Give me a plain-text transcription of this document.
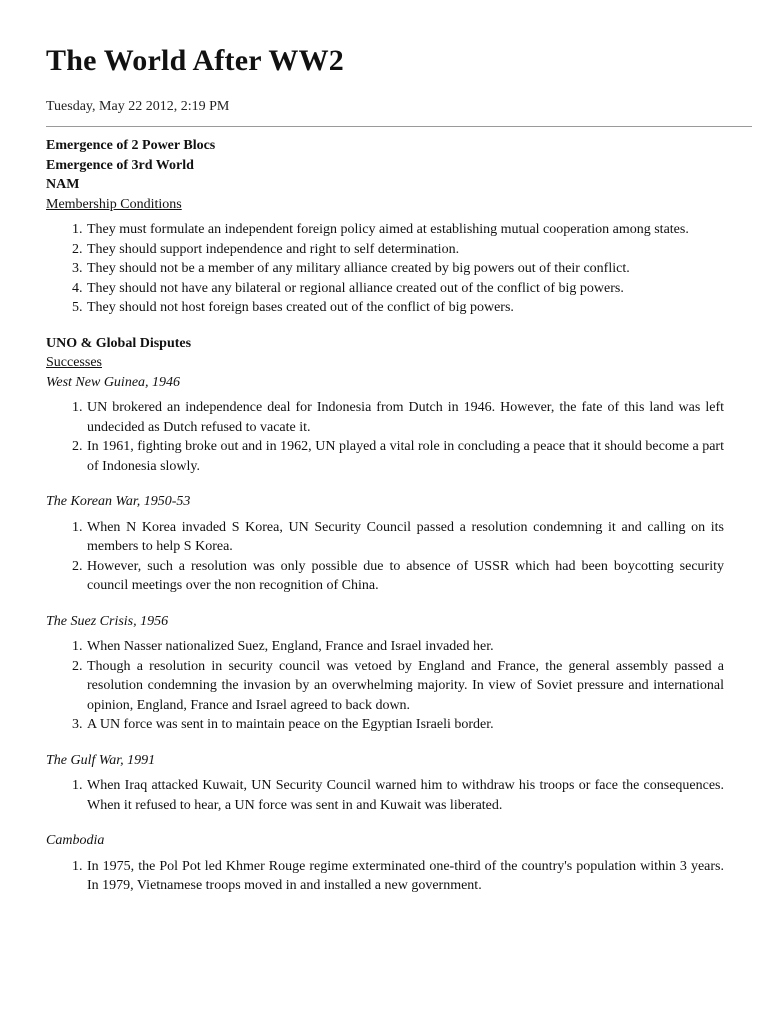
The World After WW2
Tuesday, May 22 2012, 2:19 PM
Emergence of 2 Power Blocs
Emergence of 3rd World
NAM
Membership Conditions
1. They must formulate an independent foreign policy aimed at establishing mutual cooperation among states.
2. They should support independence and right to self determination.
3. They should not be a member of any military alliance created by big powers out of their conflict.
4. They should not have any bilateral or regional alliance created out of the conflict of big powers.
5. They should not host foreign bases created out of the conflict of big powers.
UNO & Global Disputes
Successes
West New Guinea, 1946
1. UN brokered an independence deal for Indonesia from Dutch in 1946. However, the fate of this land was left undecided as Dutch refused to vacate it.
2. In 1961, fighting broke out and in 1962, UN played a vital role in concluding a peace that it should become a part of Indonesia slowly.
The Korean War, 1950-53
1. When N Korea invaded S Korea, UN Security Council passed a resolution condemning it and calling on its members to help S Korea.
2. However, such a resolution was only possible due to absence of USSR which had been boycotting security council meetings over the non recognition of China.
The Suez Crisis, 1956
1. When Nasser nationalized Suez, England, France and Israel invaded her.
2. Though a resolution in security council was vetoed by England and France, the general assembly passed a resolution condemning the invasion by an overwhelming majority. In view of Soviet pressure and international opinion, England, France and Israel agreed to back down.
3. A UN force was sent in to maintain peace on the Egyptian Israeli border.
The Gulf War, 1991
1. When Iraq attacked Kuwait, UN Security Council warned him to withdraw his troops or face the consequences. When it refused to hear, a UN force was sent in and Kuwait was liberated.
Cambodia
1. In 1975, the Pol Pot led Khmer Rouge regime exterminated one-third of the country's population within 3 years. In 1979, Vietnamese troops moved in and installed a new government.
